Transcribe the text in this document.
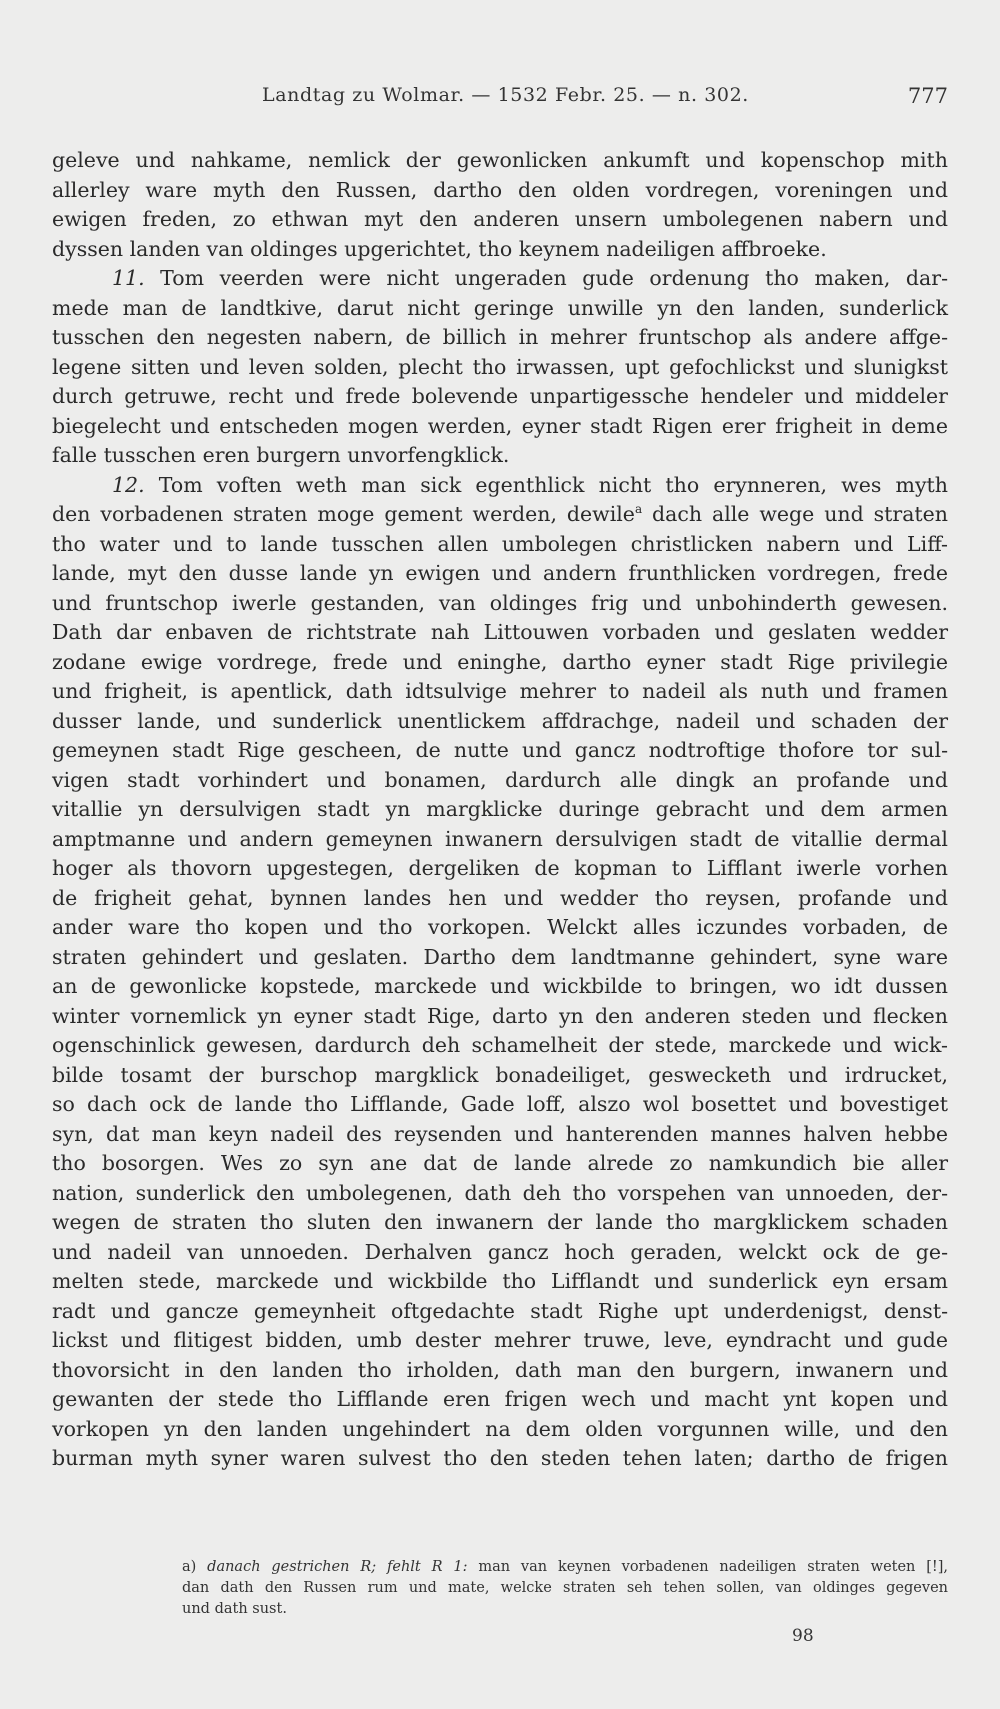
Landtag zu Wolmar. — 1532 Febr. 25. — n. 302.	777
geleve und nahkame, nemlick der gewonlicken ankumft und kopenschop mith
allerley ware myth den Russen, dartho den olden vordregen, voreningen und
ewigen freden, zo ethwan myt den anderen unsern umbolegenen nabern und
dyssen landen van oldinges upgerichtet, tho keynem nadeiligen affbroeke.
11. Tom veerden were nicht ungeraden gude ordenung tho maken, dar-
mede man de landtkive, darut nicht geringe unwille yn den landen, sunderlick
tusschen den negesten nabern, de billich in mehrer fruntschop als andere affge-
legene sitten und leven solden, plecht tho irwassen, upt gefochlickst und slunigkst
durch getruwe, recht und frede bolevende unpartigessche hendeler und middeler
biegelecht und entscheden mogen werden, eyner stadt Rigen erer frigheit in deme
falle tusschen eren burgern unvorfengklick.
12. Tom voften weth man sick egenthlick nicht tho erynneren, wes myth
den vorbadenen straten moge gement werden, dewile$^a$ dach alle wege und straten
tho water und to lande tusschen allen umbolegen christlicken nabern und Liff-
lande, myt den dusse lande yn ewigen und andern frunthlicken vordregen, frede
und fruntschop iwerle gestanden, van oldinges frig und unbohinderth gewesen.
Dath dar enbaven de richtstrate nah Littouwen vorbaden und geslaten wedder
zodane ewige vordrege, frede und eninghe, dartho eyner stadt Rige privilegie
und frigheit, is apentlick, dath idtsulvige mehrer to nadeil als nuth und framen
dusser lande, und sunderlick unentlickem affdrachge, nadeil und schaden der
gemeynen stadt Rige gescheen, de nutte und gancz nodtroftige thofore tor sul-
vigen stadt vorhindert und bonamen, dardurch alle dingk an profande und
vitallie yn dersulvigen stadt yn margklicke duringe gebracht und dem armen
amptmanne und andern gemeynen inwanern dersulvigen stadt de vitallie dermal
hoger als thovorn upgestegen, dergeliken de kopman to Lifflant iwerle vorhen
de frigheit gehat, bynnen landes hen und wedder tho reysen, profande und
ander ware tho kopen und tho vorkopen. Welckt alles iczundes vorbaden, de
straten gehindert und geslaten. Dartho dem landtmanne gehindert, syne ware
an de gewonlicke kopstede, marckede und wickbilde to bringen, wo idt dussen
winter vornemlick yn eyner stadt Rige, darto yn den anderen steden und flecken
ogenschinlick gewesen, dardurch deh schamelheit der stede, marckede und wick-
bilde tosamt der burschop margklick bonadeiliget, geswecketh und irdrucket,
so dach ock de lande tho Lifflande, Gade loff, alszo wol bosettet und bovestiget
syn, dat man keyn nadeil des reysenden und hanterenden mannes halven hebbe
tho bosorgen. Wes zo syn ane dat de lande alrede zo namkundich bie aller
nation, sunderlick den umbolegenen, dath deh tho vorspehen van unnoeden, der-
wegen de straten tho sluten den inwanern der lande tho margklickem schaden
und nadeil van unnoeden. Derhalven gancz hoch geraden, welckt ock de ge-
melten stede, marckede und wickbilde tho Lifflandt und sunderlick eyn ersam
radt und gancze gemeynheit oftgedachte stadt Righe upt underdenigst, denst-
lickst und flitigest bidden, umb dester mehrer truwe, leve, eyndracht und gude
thovorsicht in den landen tho irholden, dath man den burgern, inwanern und
gewanten der stede tho Lifflande eren frigen wech und macht ynt kopen und
vorkopen yn den landen ungehindert na dem olden vorgunnen wille, und den
burman myth syner waren sulvest tho den steden tehen laten; dartho de frigen
a) danach gestrichen R; fehlt R 1: man van keynen vorbadenen nadeiligen straten weten [!],
dan dath den Russen rum und mate, welcke straten seh tehen sollen, van oldinges gegeven
und dath sust.
98
